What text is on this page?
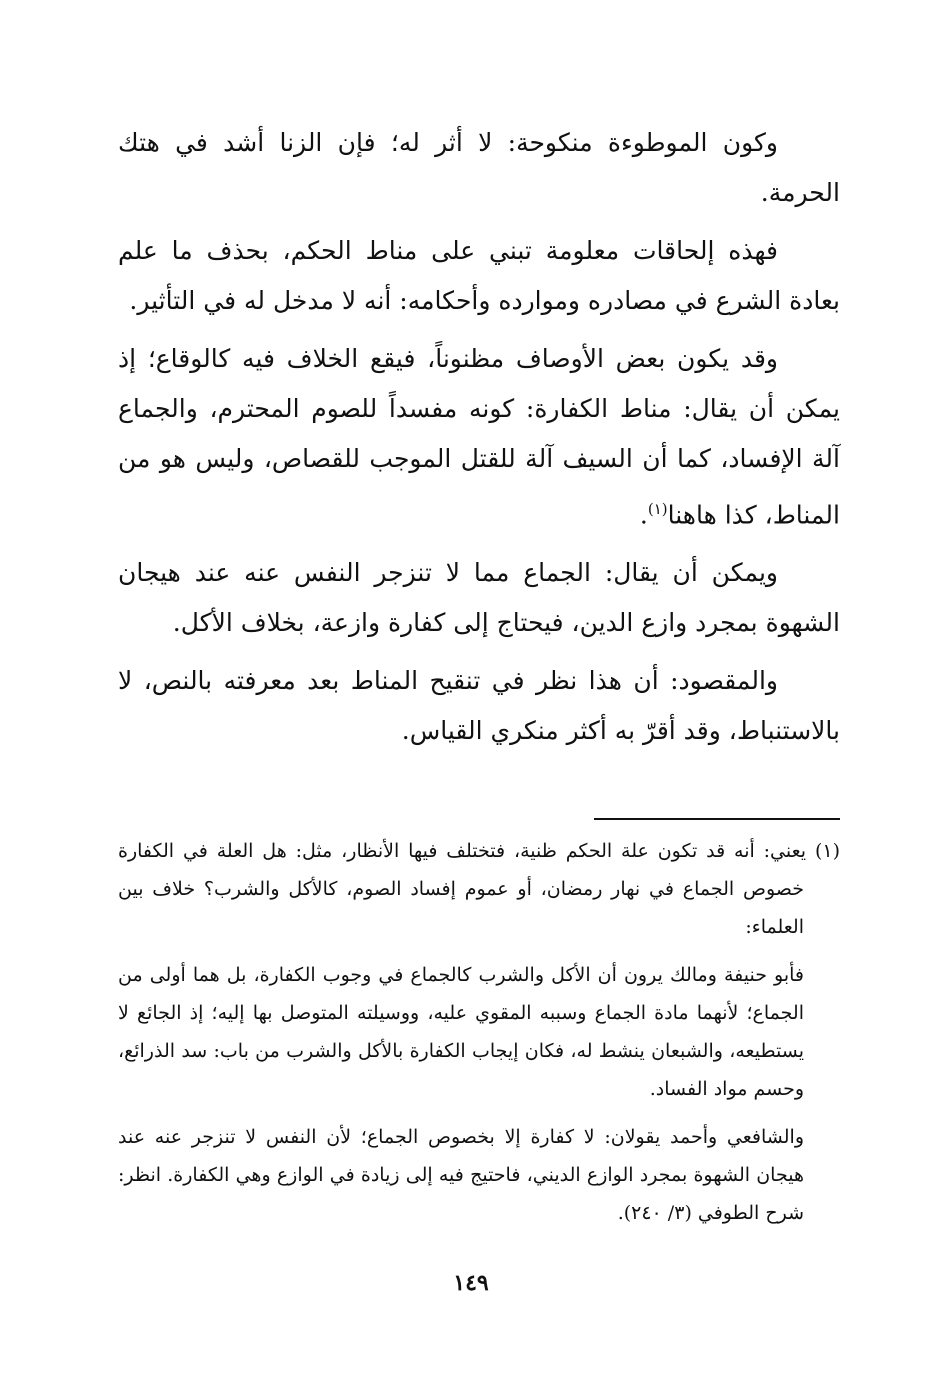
وكون الموطوءة منكوحة: لا أثر له؛ فإن الزنا أشد في هتك الحرمة.

فهذه إلحاقات معلومة تبني على مناط الحكم، بحذف ما علم بعادة الشرع في مصادره وموارده وأحكامه: أنه لا مدخل له في التأثير.

وقد يكون بعض الأوصاف مظنوناً، فيقع الخلاف فيه كالوقاع؛ إذ يمكن أن يقال: مناط الكفارة: كونه مفسداً للصوم المحترم، والجماع آلة الإفساد، كما أن السيف آلة للقتل الموجب للقصاص، وليس هو من المناط، كذا هاهنا$^{(١)}$.

ويمكن أن يقال: الجماع مما لا تنزجر النفس عنه عند هيجان الشهوة بمجرد وازع الدين، فيحتاج إلى كفارة وازعة، بخلاف الأكل.

والمقصود: أن هذا نظر في تنقيح المناط بعد معرفته بالنص، لا بالاستنباط، وقد أقرّ به أكثر منكري القياس.

(١) يعني: أنه قد تكون علة الحكم ظنية، فتختلف فيها الأنظار، مثل: هل العلة في الكفارة خصوص الجماع في نهار رمضان، أو عموم إفساد الصوم، كالأكل والشرب؟ خلاف بين العلماء:

فأبو حنيفة ومالك يرون أن الأكل والشرب كالجماع في وجوب الكفارة، بل هما أولى من الجماع؛ لأنهما مادة الجماع وسببه المقوي عليه، ووسيلته المتوصل بها إليه؛ إذ الجائع لا يستطيعه، والشبعان ينشط له، فكان إيجاب الكفارة بالأكل والشرب من باب: سد الذرائع، وحسم مواد الفساد.

والشافعي وأحمد يقولان: لا كفارة إلا بخصوص الجماع؛ لأن النفس لا تنزجر عنه عند هيجان الشهوة بمجرد الوازع الديني، فاحتيج فيه إلى زيادة في الوازع وهي الكفارة. انظر: شرح الطوفي (٣/ ٢٤٠).

١٤٩
